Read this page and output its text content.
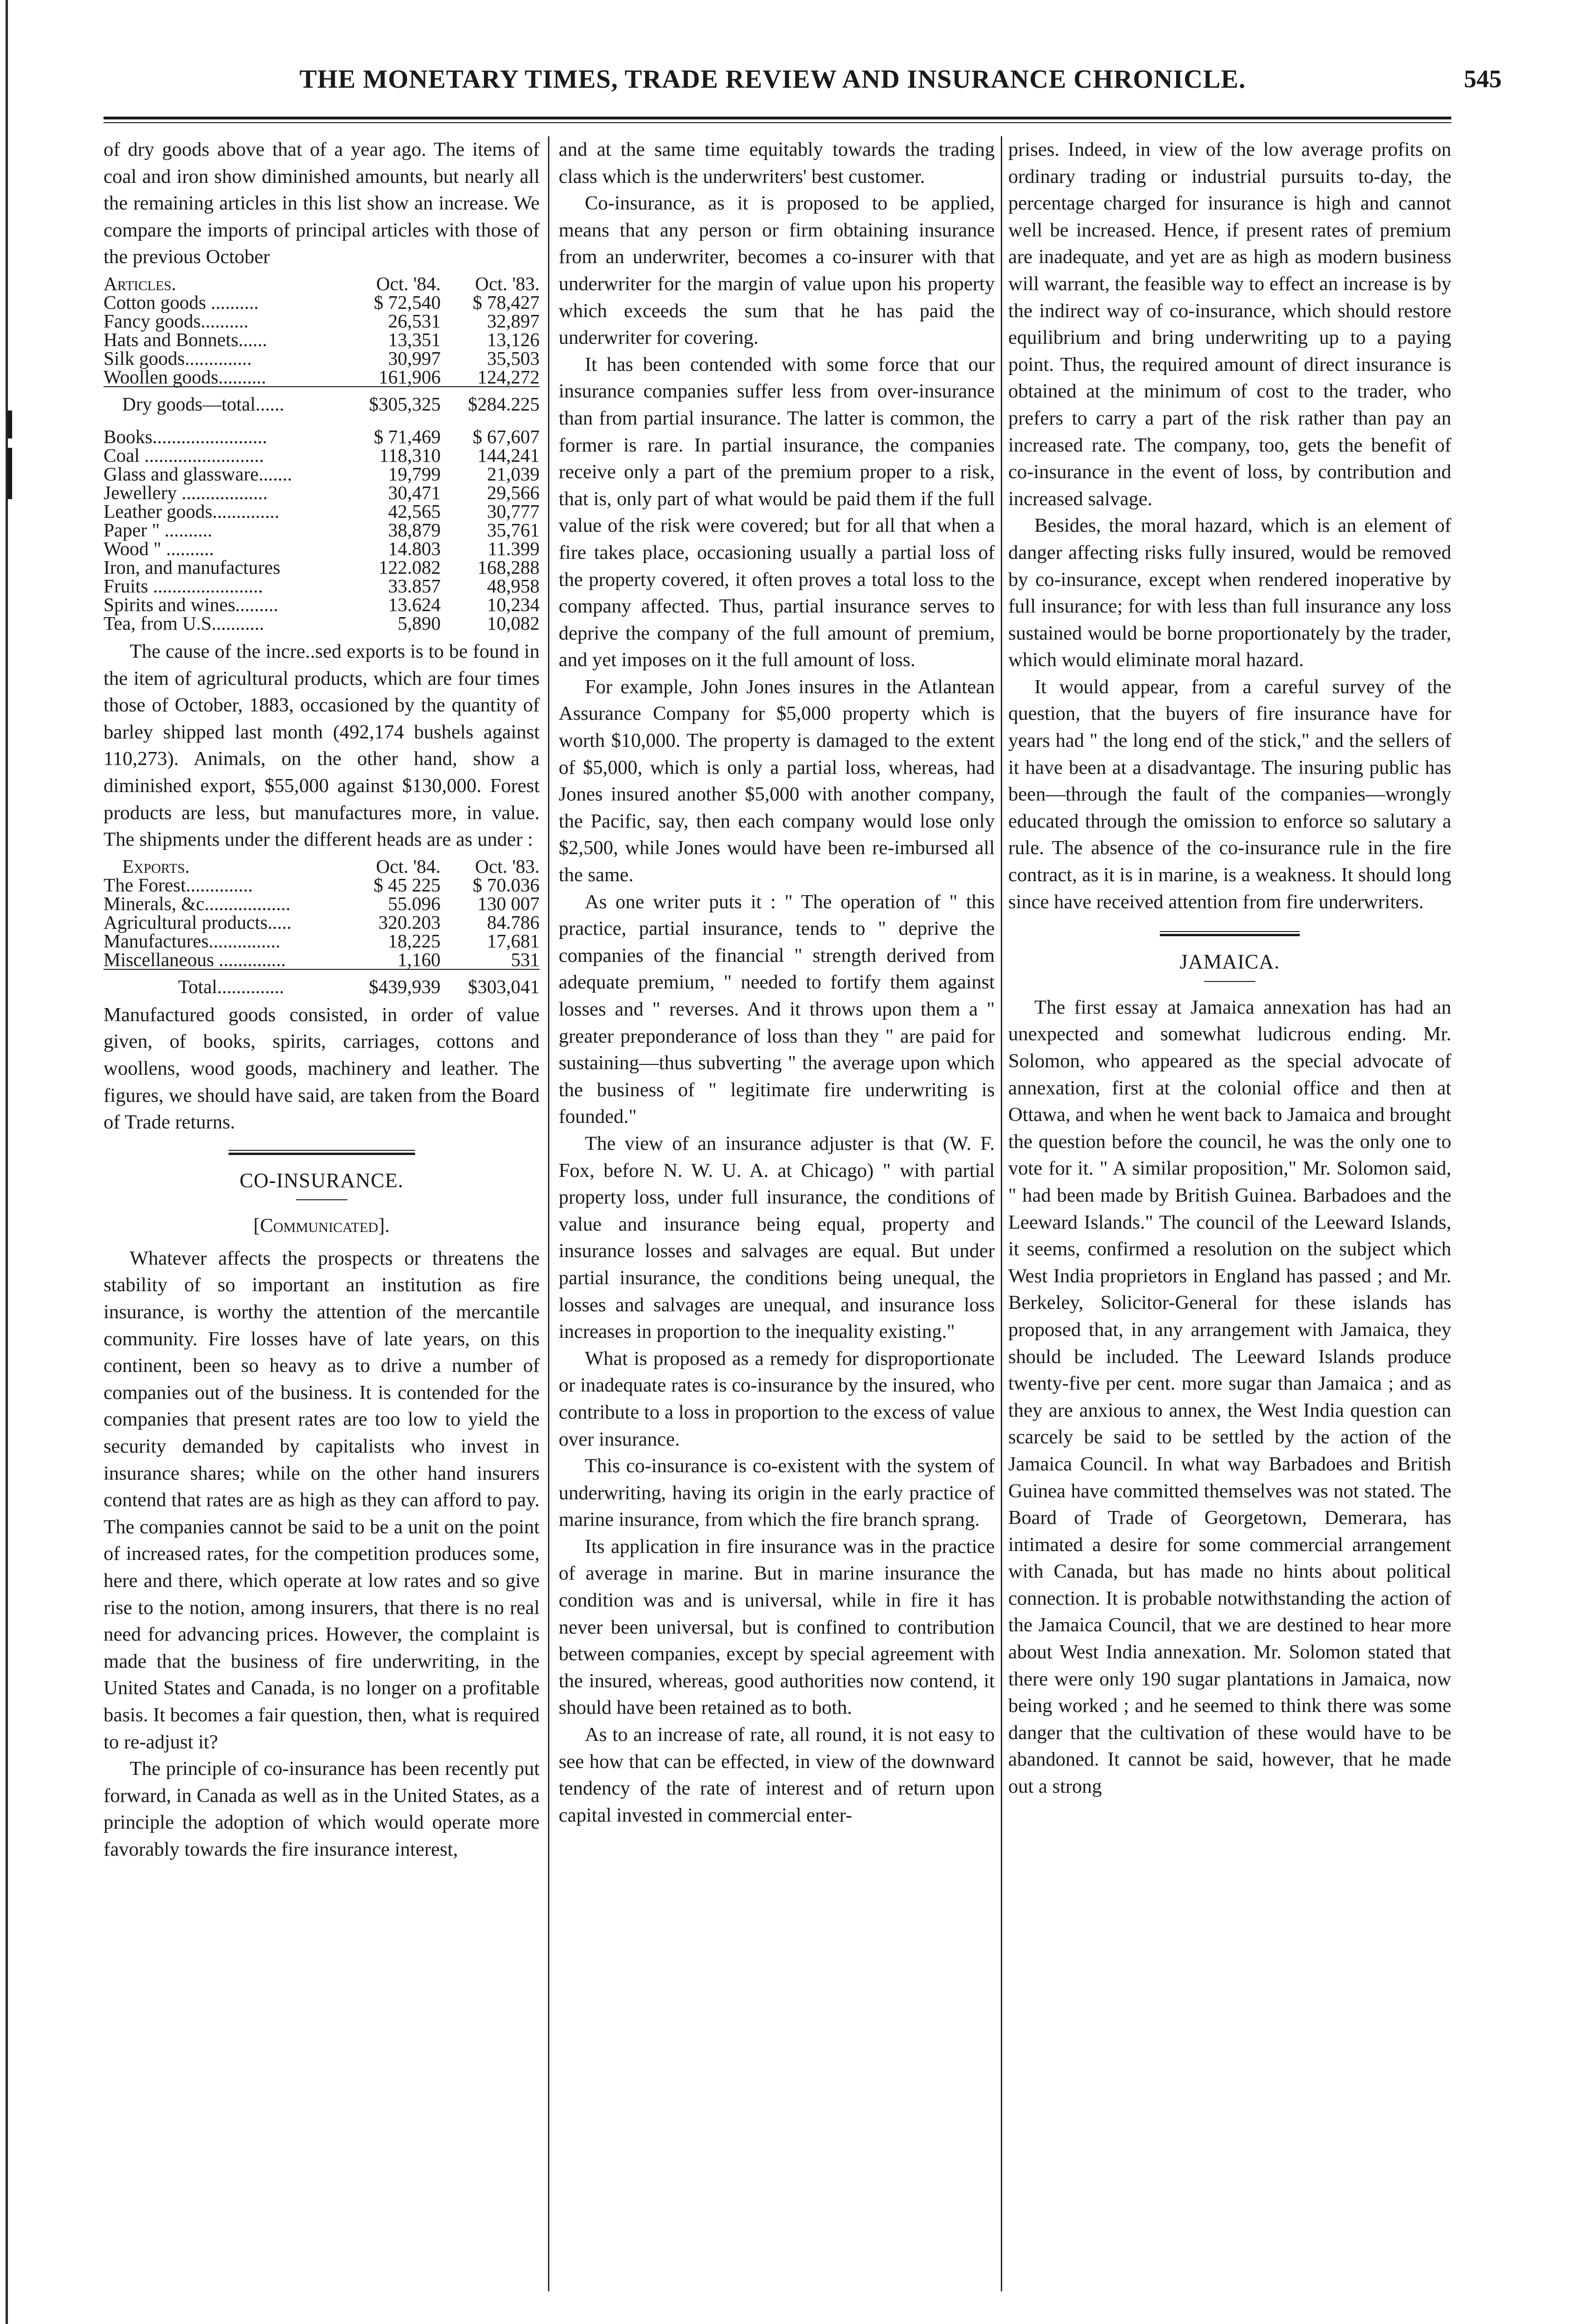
THE MONETARY TIMES, TRADE REVIEW AND INSURANCE CHRONICLE.	545

of dry goods above that of a year ago. The items of coal and iron show diminished amounts, but nearly all the remaining articles in this list show an increase. We compare the imports of principal articles with those of the previous October

Articles.	Oct. '84.	Oct. '83.
Cotton goods ..........	$ 72,540	$ 78,427
Fancy goods..........	26,531	32,897
Hats and Bonnets......	13,351	13,126
Silk goods..............	30,997	35,503
Woollen goods..........	161,906	124,272
Dry goods—total......	$305,325	$284.225
Books........................	$ 71,469	$ 67,607
Coal .........................	118,310	144,241
Glass and glassware.......	19,799	21,039
Jewellery ..................	30,471	29,566
Leather goods..............	42,565	30,777
Paper " ..........	38,879	35,761
Wood " ..........	14.803	11.399
Iron, and manufactures	122.082	168,288
Fruits .......................	33.857	48,958
Spirits and wines.........	13.624	10,234
Tea, from U.S...........	5,890	10,082

The cause of the incre..sed exports is to be found in the item of agricultural products, which are four times those of October, 1883, occasioned by the quantity of barley shipped last month (492,174 bushels against 110,273). Animals, on the other hand, show a diminished export, $55,000 against $130,000. Forest products are less, but manufactures more, in value. The shipments under the different heads are as under :

Exports.	Oct. '84.	Oct. '83.
The Forest..............	$ 45 225	$ 70.036
Minerals, &c..................	55.096	130 007
Agricultural products.....	320.203	84.786
Manufactures...............	18,225	17,681
Miscellaneous ..............	1,160	531
Total..............	$439,939	$303,041

Manufactured goods consisted, in order of value given, of books, spirits, carriages, cottons and woollens, wood goods, machinery and leather. The figures, we should have said, are taken from the Board of Trade returns.

CO-INSURANCE.
[Communicated].

Whatever affects the prospects or threatens the stability of so important an institution as fire insurance, is worthy the attention of the mercantile community. Fire losses have of late years, on this continent, been so heavy as to drive a number of companies out of the business. It is contended for the companies that present rates are too low to yield the security demanded by capitalists who invest in insurance shares; while on the other hand insurers contend that rates are as high as they can afford to pay. The companies cannot be said to be a unit on the point of increased rates, for the competition produces some, here and there, which operate at low rates and so give rise to the notion, among insurers, that there is no real need for advancing prices. However, the complaint is made that the business of fire underwriting, in the United States and Canada, is no longer on a profitable basis. It becomes a fair question, then, what is required to re-adjust it?

The principle of co-insurance has been recently put forward, in Canada as well as in the United States, as a principle the adoption of which would operate more favorably towards the fire insurance interest,

and at the same time equitably towards the trading class which is the underwriters' best customer.

Co-insurance, as it is proposed to be applied, means that any person or firm obtaining insurance from an underwriter, becomes a co-insurer with that underwriter for the margin of value upon his property which exceeds the sum that he has paid the underwriter for covering.

It has been contended with some force that our insurance companies suffer less from over-insurance than from partial insurance. The latter is common, the former is rare. In partial insurance, the companies receive only a part of the premium proper to a risk, that is, only part of what would be paid them if the full value of the risk were covered; but for all that when a fire takes place, occasioning usually a partial loss of the property covered, it often proves a total loss to the company affected. Thus, partial insurance serves to deprive the company of the full amount of premium, and yet imposes on it the full amount of loss.

For example, John Jones insures in the Atlantean Assurance Company for $5,000 property which is worth $10,000. The property is damaged to the extent of $5,000, which is only a partial loss, whereas, had Jones insured another $5,000 with another company, the Pacific, say, then each company would lose only $2,500, while Jones would have been re-imbursed all the same.

As one writer puts it : " The operation of " this practice, partial insurance, tends to " deprive the companies of the financial " strength derived from adequate premium, " needed to fortify them against losses and " reverses. And it throws upon them a " greater preponderance of loss than they " are paid for sustaining—thus subverting " the average upon which the business of " legitimate fire underwriting is founded."

The view of an insurance adjuster is that (W. F. Fox, before N. W. U. A. at Chicago) " with partial property loss, under full insurance, the conditions of value and insurance being equal, property and insurance losses and salvages are equal. But under partial insurance, the conditions being unequal, the losses and salvages are unequal, and insurance loss increases in proportion to the inequality existing."

What is proposed as a remedy for disproportionate or inadequate rates is co-insurance by the insured, who contribute to a loss in proportion to the excess of value over insurance.

This co-insurance is co-existent with the system of underwriting, having its origin in the early practice of marine insurance, from which the fire branch sprang.

Its application in fire insurance was in the practice of average in marine. But in marine insurance the condition was and is universal, while in fire it has never been universal, but is confined to contribution between companies, except by special agreement with the insured, whereas, good authorities now contend, it should have been retained as to both.

As to an increase of rate, all round, it is not easy to see how that can be effected, in view of the downward tendency of the rate of interest and of return upon capital invested in commercial enter-

prises. Indeed, in view of the low average profits on ordinary trading or industrial pursuits to-day, the percentage charged for insurance is high and cannot well be increased. Hence, if present rates of premium are inadequate, and yet are as high as modern business will warrant, the feasible way to effect an increase is by the indirect way of co-insurance, which should restore equilibrium and bring underwriting up to a paying point. Thus, the required amount of direct insurance is obtained at the minimum of cost to the trader, who prefers to carry a part of the risk rather than pay an increased rate. The company, too, gets the benefit of co-insurance in the event of loss, by contribution and increased salvage.

Besides, the moral hazard, which is an element of danger affecting risks fully insured, would be removed by co-insurance, except when rendered inoperative by full insurance; for with less than full insurance any loss sustained would be borne proportionately by the trader, which would eliminate moral hazard.

It would appear, from a careful survey of the question, that the buyers of fire insurance have for years had " the long end of the stick," and the sellers of it have been at a disadvantage. The insuring public has been—through the fault of the companies—wrongly educated through the omission to enforce so salutary a rule. The absence of the co-insurance rule in the fire contract, as it is in marine, is a weakness. It should long since have received attention from fire underwriters.

JAMAICA.

The first essay at Jamaica annexation has had an unexpected and somewhat ludicrous ending. Mr. Solomon, who appeared as the special advocate of annexation, first at the colonial office and then at Ottawa, and when he went back to Jamaica and brought the question before the council, he was the only one to vote for it. " A similar proposition," Mr. Solomon said, " had been made by British Guinea. Barbadoes and the Leeward Islands." The council of the Leeward Islands, it seems, confirmed a resolution on the subject which West India proprietors in England has passed ; and Mr. Berkeley, Solicitor-General for these islands has proposed that, in any arrangement with Jamaica, they should be included. The Leeward Islands produce twenty-five per cent. more sugar than Jamaica ; and as they are anxious to annex, the West India question can scarcely be said to be settled by the action of the Jamaica Council. In what way Barbadoes and British Guinea have committed themselves was not stated. The Board of Trade of Georgetown, Demerara, has intimated a desire for some commercial arrangement with Canada, but has made no hints about political connection. It is probable notwithstanding the action of the Jamaica Council, that we are destined to hear more about West India annexation. Mr. Solomon stated that there were only 190 sugar plantations in Jamaica, now being worked ; and he seemed to think there was some danger that the cultivation of these would have to be abandoned. It cannot be said, however, that he made out a strong
